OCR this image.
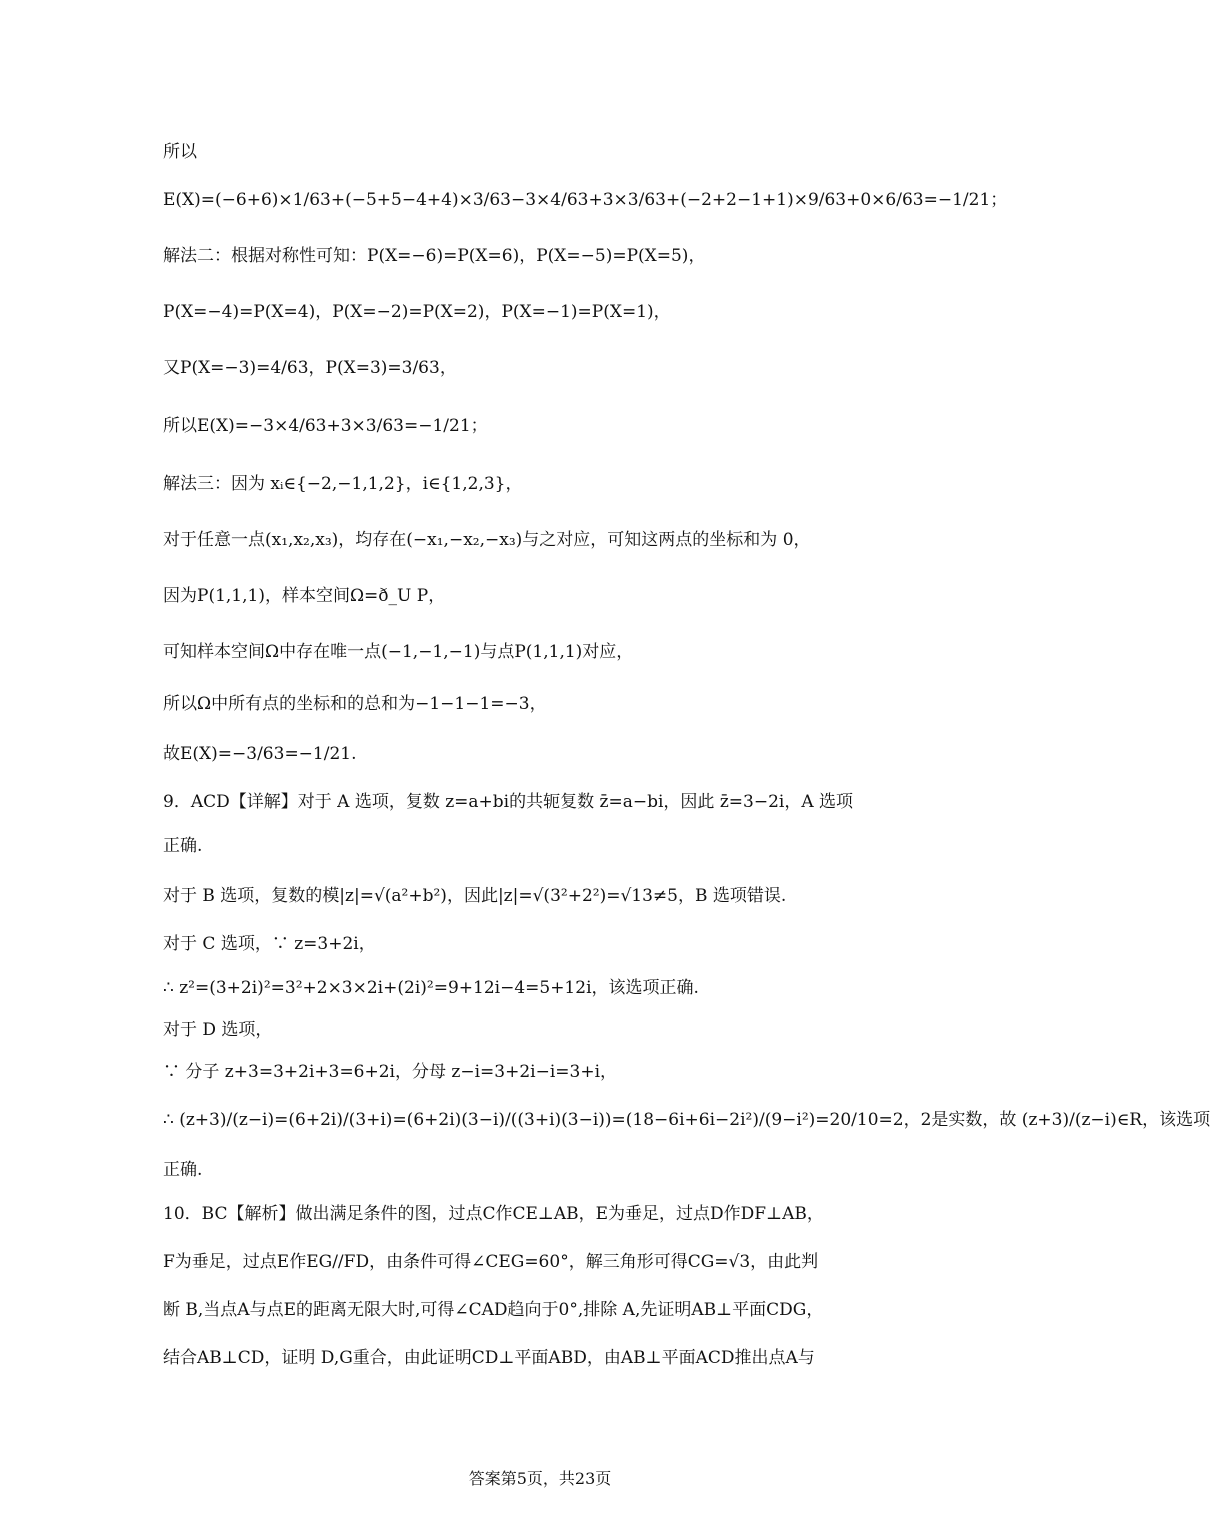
所以
E(X)=(−6+6)×1/63+(−5+5−4+4)×3/63−3×4/63+3×3/63+(−2+2−1+1)×9/63+0×6/63=−1/21；
解法二：根据对称性可知：P(X=−6)=P(X=6)，P(X=−5)=P(X=5)，
P(X=−4)=P(X=4)，P(X=−2)=P(X=2)，P(X=−1)=P(X=1)，
又P(X=−3)=4/63，P(X=3)=3/63，
所以E(X)=−3×4/63+3×3/63=−1/21；
解法三：因为 xᵢ∈{−2,−1,1,2}，i∈{1,2,3}，
对于任意一点(x₁,x₂,x₃)，均存在(−x₁,−x₂,−x₃)与之对应，可知这两点的坐标和为 0，
因为P(1,1,1)，样本空间Ω=ð_U P，
可知样本空间Ω中存在唯一点(−1,−1,−1)与点P(1,1,1)对应，
所以Ω中所有点的坐标和的总和为−1−1−1=−3，
故E(X)=−3/63=−1/21.
9．ACD【详解】对于 A 选项，复数 z=a+bi的共轭复数 z̄=a−bi，因此 z̄=3−2i，A 选项
正确.
对于 B 选项，复数的模|z|=√(a²+b²)，因此|z|=√(3²+2²)=√13≠5，B 选项错误.
对于 C 选项，∵ z=3+2i，
∴ z²=(3+2i)²=3²+2×3×2i+(2i)²=9+12i−4=5+12i，该选项正确.
对于 D 选项，
∵ 分子 z+3=3+2i+3=6+2i，分母 z−i=3+2i−i=3+i，
∴ (z+3)/(z−i)=(6+2i)/(3+i)=(6+2i)(3−i)/((3+i)(3−i))=(18−6i+6i−2i²)/(9−i²)=20/10=2，2是实数，故 (z+3)/(z−i)∈R，该选项
正确.
10．BC【解析】做出满足条件的图，过点C作CE⊥AB，E为垂足，过点D作DF⊥AB，
F为垂足，过点E作EG//FD，由条件可得∠CEG=60°，解三角形可得CG=√3，由此判
断 B,当点A与点E的距离无限大时,可得∠CAD趋向于0°,排除 A,先证明AB⊥平面CDG，
结合AB⊥CD，证明 D,G重合，由此证明CD⊥平面ABD，由AB⊥平面ACD推出点A与
答案第5页，共23页
